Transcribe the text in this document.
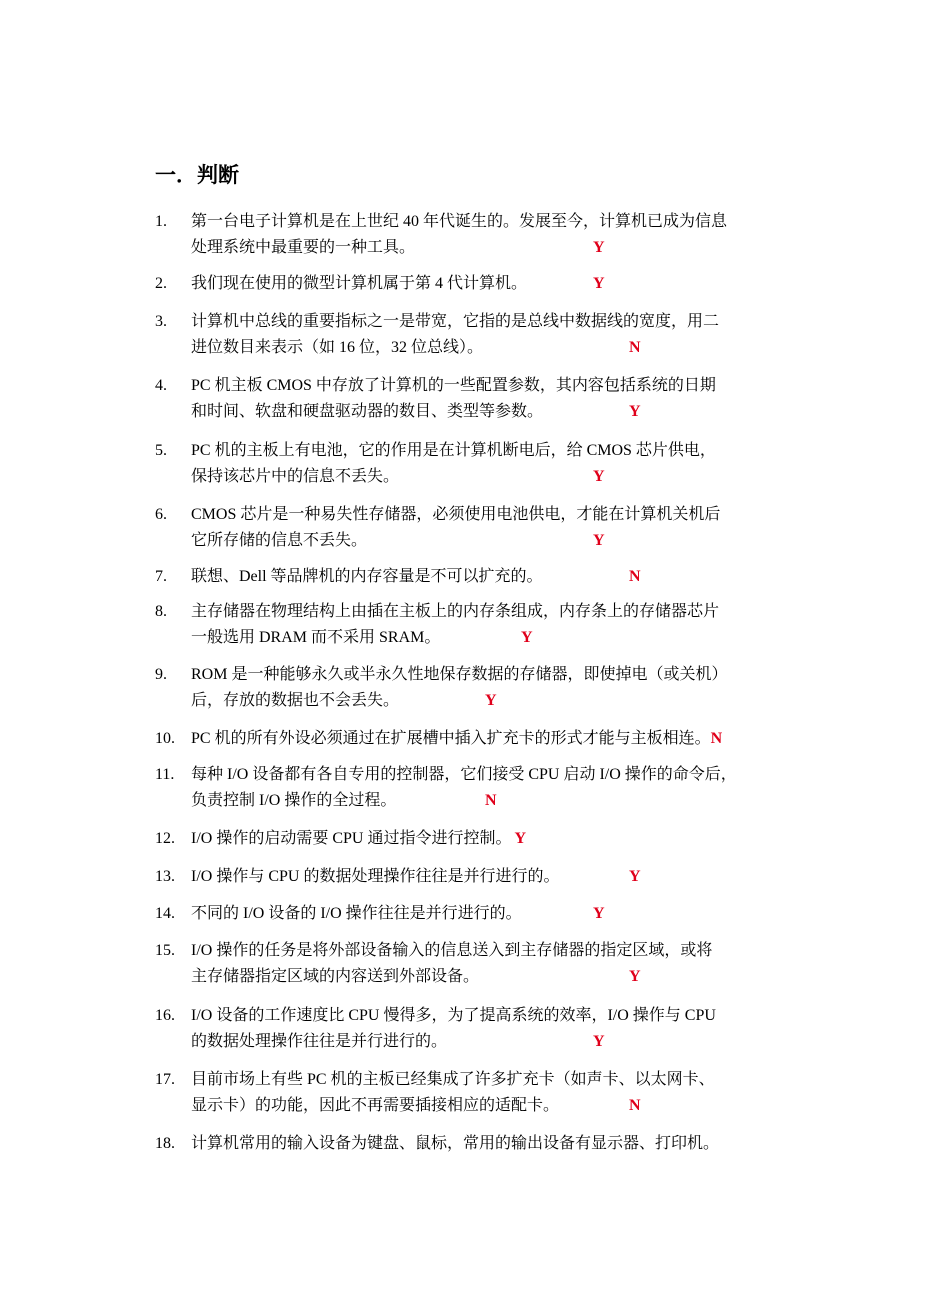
一．判断
1.	第一台电子计算机是在上世纪 40 年代诞生的。发展至今，计算机已成为信息
处理系统中最重要的一种工具。	Y
2.	我们现在使用的微型计算机属于第 4 代计算机。	Y
3.	计算机中总线的重要指标之一是带宽，它指的是总线中数据线的宽度，用二
进位数目来表示（如 16 位，32 位总线）。	N
4.	PC 机主板 CMOS 中存放了计算机的一些配置参数，其内容包括系统的日期
和时间、软盘和硬盘驱动器的数目、类型等参数。	Y
5.	PC 机的主板上有电池，它的作用是在计算机断电后，给 CMOS 芯片供电，
保持该芯片中的信息不丢失。	Y
6.	CMOS 芯片是一种易失性存储器，必须使用电池供电，才能在计算机关机后
它所存储的信息不丢失。	Y
7.	联想、Dell 等品牌机的内存容量是不可以扩充的。	N
8.	主存储器在物理结构上由插在主板上的内存条组成，内存条上的存储器芯片
一般选用 DRAM 而不采用 SRAM。	Y
9.	ROM 是一种能够永久或半永久性地保存数据的存储器，即使掉电（或关机）
后，存放的数据也不会丢失。	Y
10.	PC 机的所有外设必须通过在扩展槽中插入扩充卡的形式才能与主板相连。N
11.	每种 I/O 设备都有各自专用的控制器，它们接受 CPU 启动 I/O 操作的命令后，
负责控制 I/O 操作的全过程。	N
12.	I/O 操作的启动需要 CPU 通过指令进行控制。 Y
13.	I/O 操作与 CPU 的数据处理操作往往是并行进行的。	Y
14.	不同的 I/O 设备的 I/O 操作往往是并行进行的。	Y
15.	I/O 操作的任务是将外部设备输入的信息送入到主存储器的指定区域，或将
主存储器指定区域的内容送到外部设备。	Y
16.	I/O 设备的工作速度比 CPU 慢得多，为了提高系统的效率，I/O 操作与 CPU
的数据处理操作往往是并行进行的。	Y
17.	目前市场上有些 PC 机的主板已经集成了许多扩充卡（如声卡、以太网卡、
显示卡）的功能，因此不再需要插接相应的适配卡。	N
18.	计算机常用的输入设备为键盘、鼠标，常用的输出设备有显示器、打印机。
